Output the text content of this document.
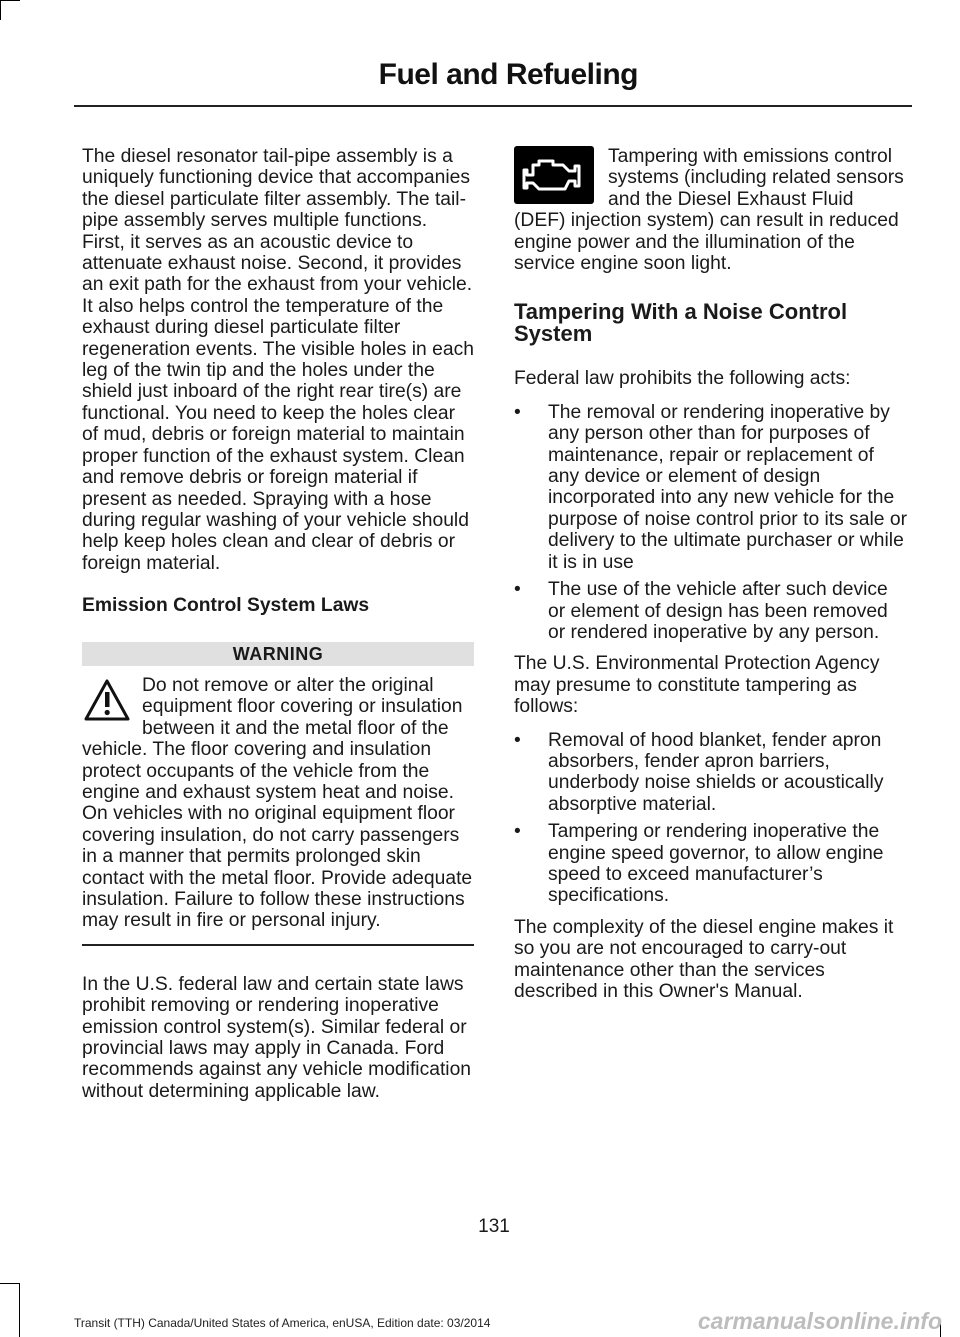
Fuel and Refueling

The diesel resonator tail-pipe assembly is a uniquely functioning device that accompanies the diesel particulate filter assembly. The tail-pipe assembly serves multiple functions. First, it serves as an acoustic device to attenuate exhaust noise. Second, it provides an exit path for the exhaust from your vehicle. It also helps control the temperature of the exhaust during diesel particulate filter regeneration events. The visible holes in each leg of the twin tip and the holes under the shield just inboard of the right rear tire(s) are functional. You need to keep the holes clear of mud, debris or foreign material to maintain proper function of the exhaust system. Clean and remove debris or foreign material if present as needed. Spraying with a hose during regular washing of your vehicle should help keep holes clean and clear of debris or foreign material.

Emission Control System Laws

WARNING

Do not remove or alter the original equipment floor covering or insulation between it and the metal floor of the vehicle. The floor covering and insulation protect occupants of the vehicle from the engine and exhaust system heat and noise. On vehicles with no original equipment floor covering insulation, do not carry passengers in a manner that permits prolonged skin contact with the metal floor. Provide adequate insulation. Failure to follow these instructions may result in fire or personal injury.

In the U.S. federal law and certain state laws prohibit removing or rendering inoperative emission control system(s). Similar federal or provincial laws may apply in Canada. Ford recommends against any vehicle modification without determining applicable law.

Tampering with emissions control systems (including related sensors and the Diesel Exhaust Fluid (DEF) injection system) can result in reduced engine power and the illumination of the service engine soon light.

Tampering With a Noise Control System

Federal law prohibits the following acts:

• The removal or rendering inoperative by any person other than for purposes of maintenance, repair or replacement of any device or element of design incorporated into any new vehicle for the purpose of noise control prior to its sale or delivery to the ultimate purchaser or while it is in use
• The use of the vehicle after such device or element of design has been removed or rendered inoperative by any person.

The U.S. Environmental Protection Agency may presume to constitute tampering as follows:

• Removal of hood blanket, fender apron absorbers, fender apron barriers, underbody noise shields or acoustically absorptive material.
• Tampering or rendering inoperative the engine speed governor, to allow engine speed to exceed manufacturer’s specifications.

The complexity of the diesel engine makes it so you are not encouraged to carry-out maintenance other than the services described in this Owner's Manual.

131
Transit (TTH) Canada/United States of America, enUSA, Edition date: 03/2014	carmanualsonline.info
